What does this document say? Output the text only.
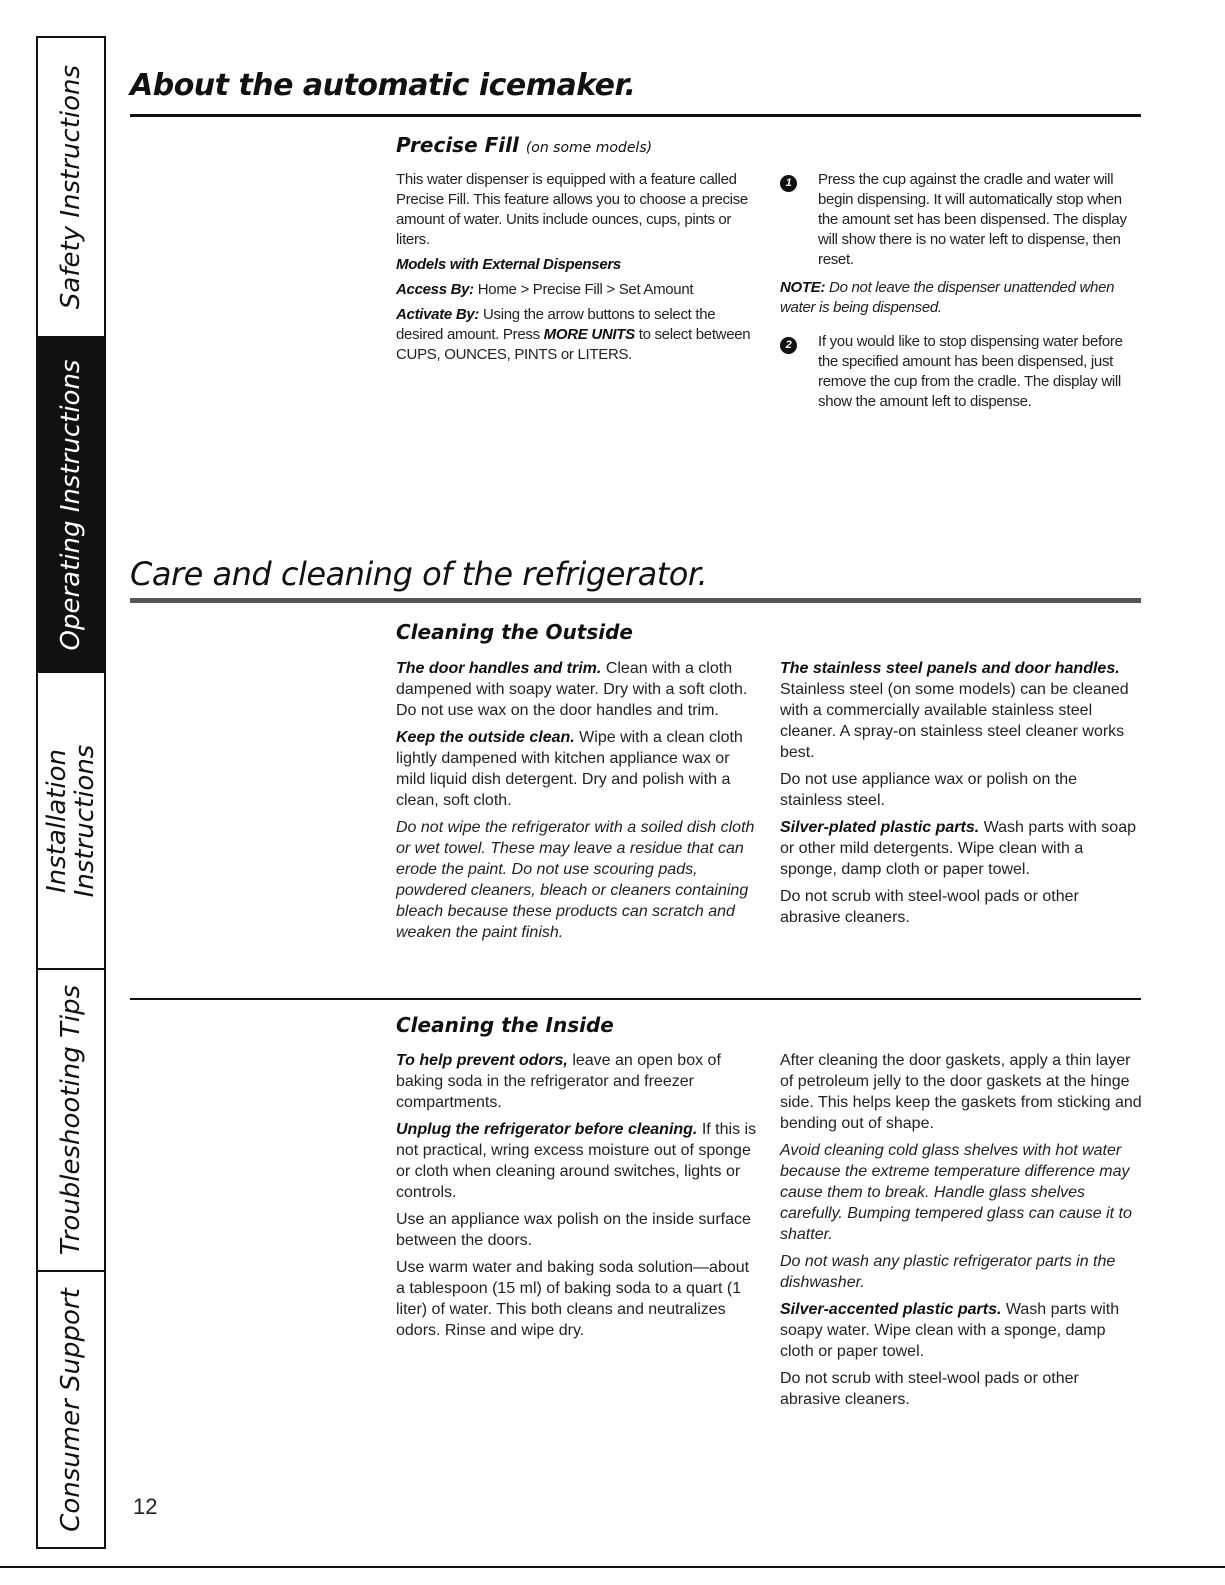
Safety Instructions
Operating Instructions
Installation
Instructions
Troubleshooting Tips
Consumer Support
About the automatic icemaker.
Precise Fill (on some models)

This water dispenser is equipped with a feature called Precise Fill. This feature allows you to choose a precise amount of water. Units include ounces, cups, pints or liters.

Models with External Dispensers

Access By: Home > Precise Fill > Set Amount

Activate By: Using the arrow buttons to select the desired amount. Press MORE UNITS to select between CUPS, OUNCES, PINTS or LITERS.

1	Press the cup against the cradle and water will begin dispensing. It will automatically stop when the amount set has been dispensed. The display will show there is no water left to dispense, then reset.

NOTE: Do not leave the dispenser unattended when water is being dispensed.

2	If you would like to stop dispensing water before the specified amount has been dispensed, just remove the cup from the cradle. The display will show the amount left to dispense.
Care and cleaning of the refrigerator.
Cleaning the Outside

The door handles and trim. Clean with a cloth dampened with soapy water. Dry with a soft cloth. Do not use wax on the door handles and trim.

Keep the outside clean. Wipe with a clean cloth lightly dampened with kitchen appliance wax or mild liquid dish detergent. Dry and polish with a clean, soft cloth.

Do not wipe the refrigerator with a soiled dish cloth or wet towel. These may leave a residue that can erode the paint. Do not use scouring pads, powdered cleaners, bleach or cleaners containing bleach because these products can scratch and weaken the paint finish.

The stainless steel panels and door handles. Stainless steel (on some models) can be cleaned with a commercially available stainless steel cleaner. A spray-on stainless steel cleaner works best.

Do not use appliance wax or polish on the stainless steel.

Silver-plated plastic parts. Wash parts with soap or other mild detergents. Wipe clean with a sponge, damp cloth or paper towel.

Do not scrub with steel-wool pads or other abrasive cleaners.

Cleaning the Inside

To help prevent odors, leave an open box of baking soda in the refrigerator and freezer compartments.

Unplug the refrigerator before cleaning. If this is not practical, wring excess moisture out of sponge or cloth when cleaning around switches, lights or controls.

Use an appliance wax polish on the inside surface between the doors.

Use warm water and baking soda solution—about a tablespoon (15 ml) of baking soda to a quart (1 liter) of water. This both cleans and neutralizes odors. Rinse and wipe dry.

After cleaning the door gaskets, apply a thin layer of petroleum jelly to the door gaskets at the hinge side. This helps keep the gaskets from sticking and bending out of shape.

Avoid cleaning cold glass shelves with hot water because the extreme temperature difference may cause them to break. Handle glass shelves carefully. Bumping tempered glass can cause it to shatter.

Do not wash any plastic refrigerator parts in the dishwasher.

Silver-accented plastic parts. Wash parts with soapy water. Wipe clean with a sponge, damp cloth or paper towel.

Do not scrub with steel-wool pads or other abrasive cleaners.

12
